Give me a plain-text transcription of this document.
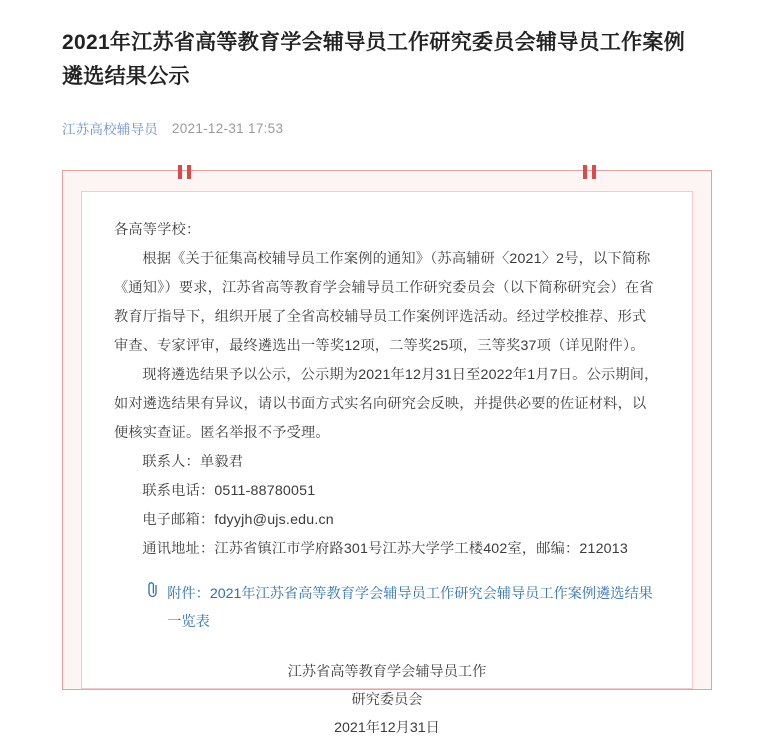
2021年江苏省高等教育学会辅导员工作研究委员会辅导员工作案例遴选结果公示
江苏高校辅导员 2021-12-31 17:53

各高等学校：

根据《关于征集高校辅导员工作案例的通知》（苏高辅研〈2021〉2号，以下简称《通知》）要求，江苏省高等教育学会辅导员工作研究委员会（以下简称研究会）在省教育厅指导下，组织开展了全省高校辅导员工作案例评选活动。经过学校推荐、形式审查、专家评审，最终遴选出一等奖12项，二等奖25项，三等奖37项（详见附件）。

现将遴选结果予以公示，公示期为2021年12月31日至2022年1月7日。公示期间，如对遴选结果有异议，请以书面方式实名向研究会反映，并提供必要的佐证材料，以便核实查证。匿名举报不予受理。

联系人：单毅君

联系电话：0511-88780051

电子邮箱：fdyyjh@ujs.edu.cn

通讯地址：江苏省镇江市学府路301号江苏大学学工楼402室，邮编：212013

附件：2021年江苏省高等教育学会辅导员工作研究会辅导员工作案例遴选结果一览表
江苏省高等教育学会辅导员工作
研究委员会
2021年12月31日
